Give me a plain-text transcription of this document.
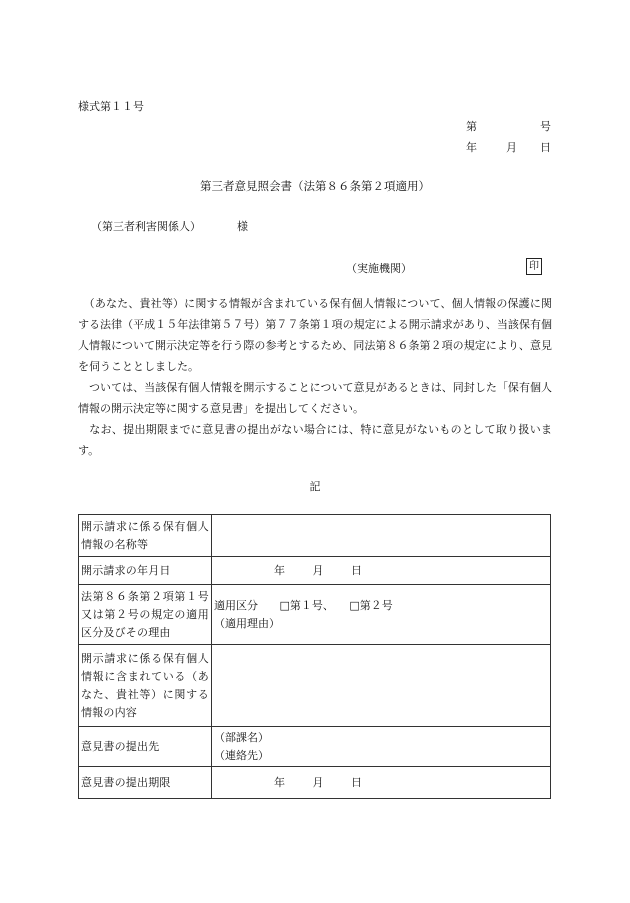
様式第１１号
第	号
年	月 日
第三者意見照会書（法第８６条第２項適用）
（第三者利害関係人）	様
（実施機関）	印

　（あなた、貴社等）に関する情報が含まれている保有個人情報について、個人情報の保護に関する法律（平成１５年法律第５７号）第７７条第１項の規定による開示請求があり、当該保有個人情報について開示決定等を行う際の参考とするため、同法第８６条第２項の規定により、意見を伺うこととしました。

　ついては、当該保有個人情報を開示することについて意見があるときは、同封した「保有個人情報の開示決定等に関する意見書」を提出してください。

　なお、提出期限までに意見書の提出がない場合には、特に意見がないものとして取り扱います。

記
開示請求に係る保有個人情報の名称等	
開示請求の年月日	年 月 日

法第８６条第２項第１号又は第２号の規定の適用区分及びその理由	適用区分 □第１号、 □第２号
（適用理由）

開示請求に係る保有個人情報に含まれている（あなた、貴社等）に関する情報の内容	
意見書の提出先	（部課名）
（連絡先）

意見書の提出期限	年 月 日
